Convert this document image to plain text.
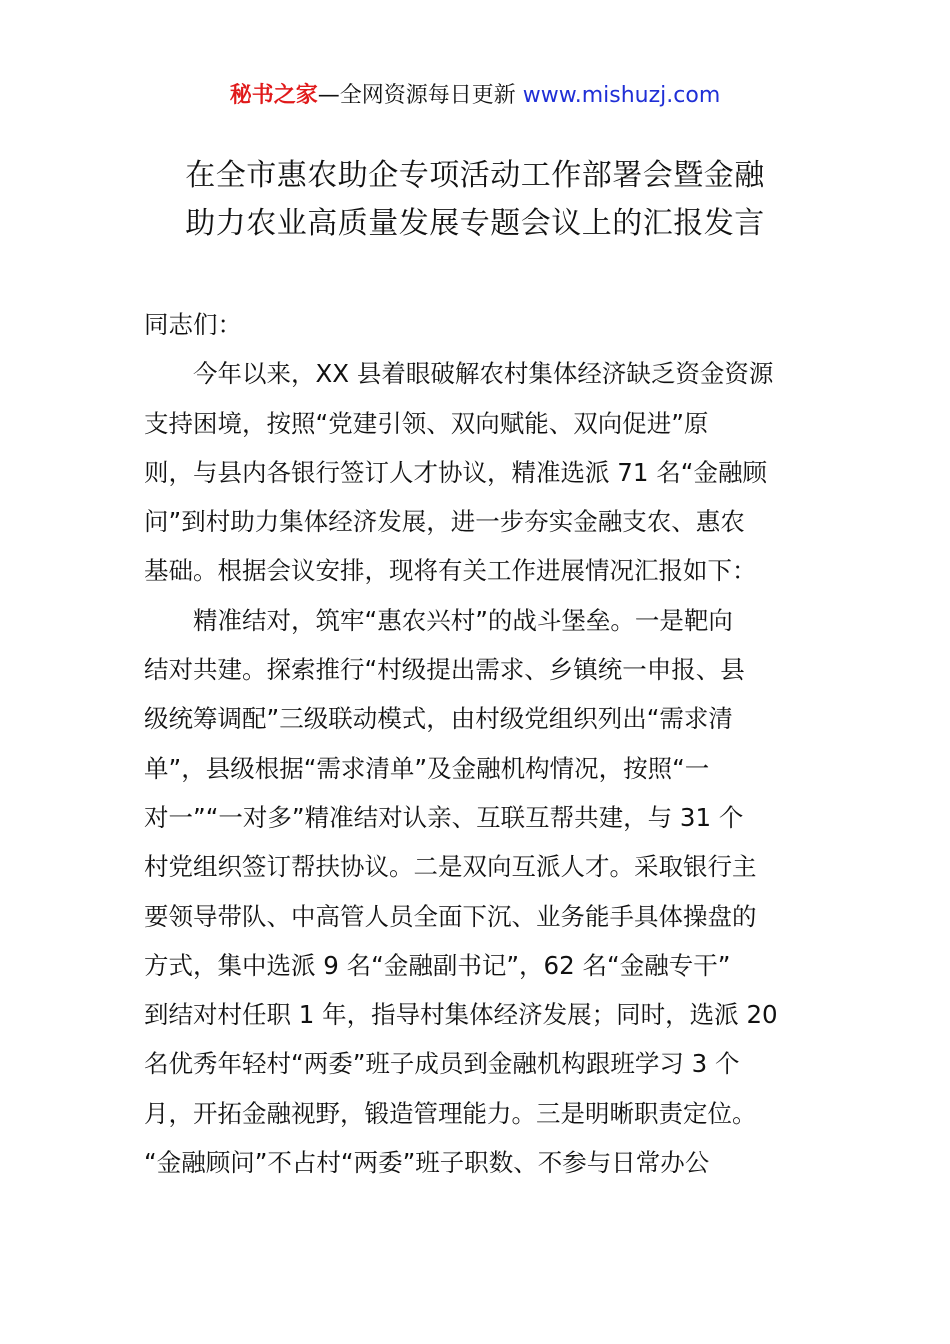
秘书之家—全网资源每日更新 www.mishuzj.com
在全市惠农助企专项活动工作部署会暨金融
助力农业高质量发展专题会议上的汇报发言
同志们：
　　今年以来，XX 县着眼破解农村集体经济缺乏资金资源
支持困境，按照“党建引领、双向赋能、双向促进”原
则，与县内各银行签订人才协议，精准选派 71 名“金融顾
问”到村助力集体经济发展，进一步夯实金融支农、惠农
基础。根据会议安排，现将有关工作进展情况汇报如下：
　　精准结对，筑牢“惠农兴村”的战斗堡垒。一是靶向
结对共建。探索推行“村级提出需求、乡镇统一申报、县
级统筹调配”三级联动模式，由村级党组织列出“需求清
单”，县级根据“需求清单”及金融机构情况，按照“一
对一”“一对多”精准结对认亲、互联互帮共建，与 31 个
村党组织签订帮扶协议。二是双向互派人才。采取银行主
要领导带队、中高管人员全面下沉、业务能手具体操盘的
方式，集中选派 9 名“金融副书记”，62 名“金融专干”
到结对村任职 1 年，指导村集体经济发展；同时，选派 20
名优秀年轻村“两委”班子成员到金融机构跟班学习 3 个
月，开拓金融视野，锻造管理能力。三是明晰职责定位。
“金融顾问”不占村“两委”班子职数、不参与日常办公
